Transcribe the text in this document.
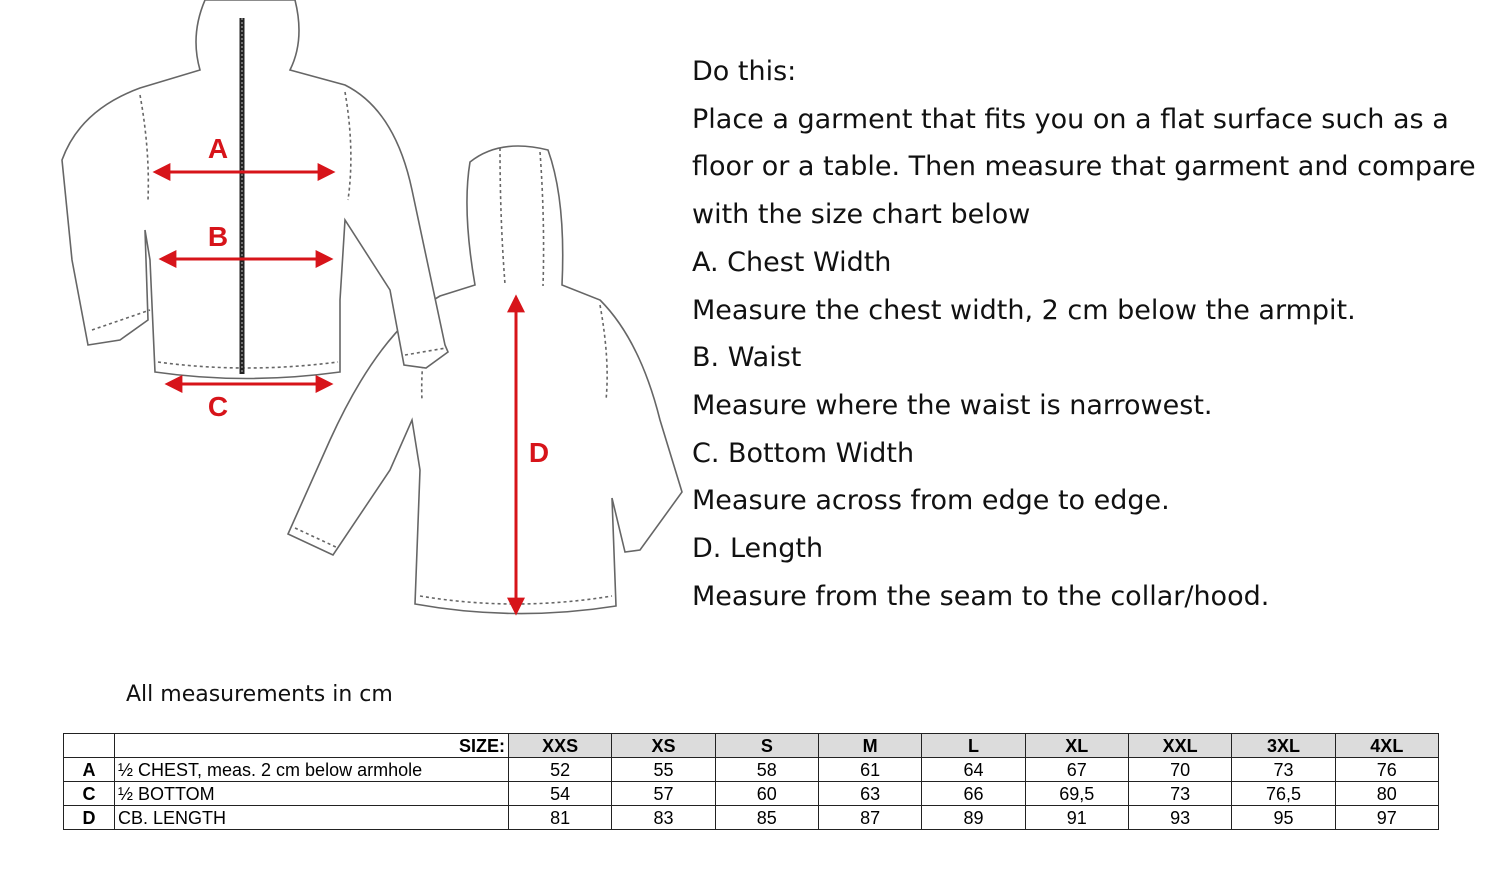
A
B
C
D
Do this:
Place a garment that fits you on a flat surface such as a floor or a table. Then measure that garment and compare with the size chart below
A. Chest Width
Measure the chest width, 2 cm below the armpit.
B. Waist
Measure where the waist is narrowest.
C. Bottom Width
Measure across from edge to edge.
D. Length
Measure from the seam to the collar/hood.
All measurements in cm
	SIZE:	XXS	XS	S	M	L	XL	XXL	3XL	4XL
A	½ CHEST, meas. 2 cm below armhole	52	55	58	61	64	67	70	73	76
C	½ BOTTOM	54	57	60	63	66	69,5	73	76,5	80
D	CB. LENGTH	81	83	85	87	89	91	93	95	97
